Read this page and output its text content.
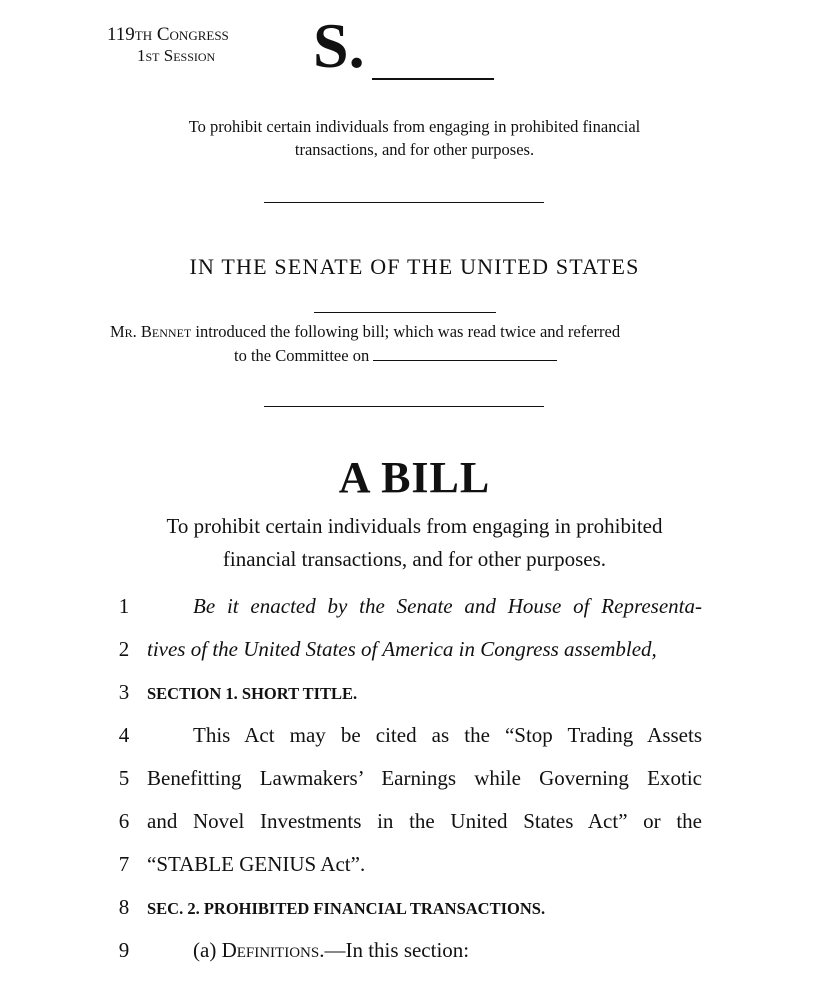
119th Congress
1st Session S.
To prohibit certain individuals from engaging in prohibited financial
transactions, and for other purposes.
IN THE SENATE OF THE UNITED STATES
Mr. Bennet introduced the following bill; which was read twice and referred
to the Committee on
A BILL
To prohibit certain individuals from engaging in prohibited
financial transactions, and for other purposes.
1	Be it enacted by the Senate and House of Representa-
2 tives of the United States of America in Congress assembled,
3	SECTION 1. SHORT TITLE.
4	This Act may be cited as the “Stop Trading Assets
5 Benefitting Lawmakers’ Earnings while Governing Exotic
6 and Novel Investments in the United States Act” or the
7 “STABLE GENIUS Act”.
8	SEC. 2. PROHIBITED FINANCIAL TRANSACTIONS.
9	(a) Definitions.—In this section:
